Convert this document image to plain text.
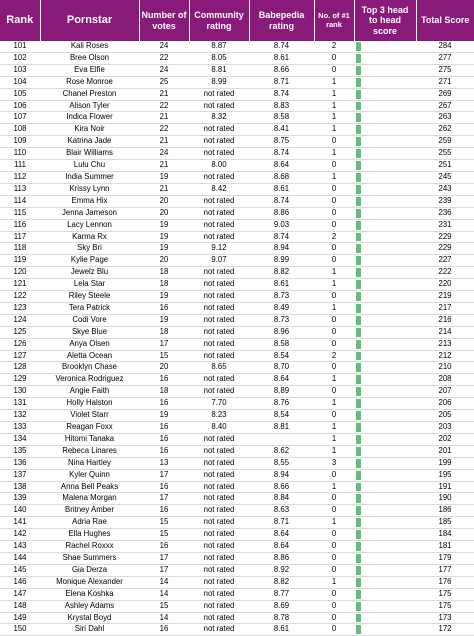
Rank	Pornstar	Number of votes	Community rating	Babepedia rating	No. of #1 rank	Top 3 head to head score	Total Score
101	Kali Roses	24	8.87	8.74	2		284
102	Bree Olson	22	8.05	8.61	0		277
103	Eva Elfie	24	8.81	8.66	0		275
104	Rose Monroe	25	8.99	8.71	1		271
105	Chanel Preston	21	not rated	8.74	1		269
106	Alison Tyler	22	not rated	8.83	1		267
107	Indica Flower	21	8.32	8.58	1		263
108	Kira Noir	22	not rated	8.41	1		262
109	Katrina Jade	21	not rated	8.75	0		259
110	Blair Williams	24	not rated	8.74	1		255
111	Lulu Chu	21	8.00	8.64	0		251
112	India Summer	19	not rated	8.68	1		245
113	Krissy Lynn	21	8.42	8.61	0		243
114	Emma Hix	20	not rated	8.74	0		239
115	Jenna Jameson	20	not rated	8.86	0		236
116	Lacy Lennon	19	not rated	9.03	0		231
117	Karma Rx	19	not rated	8.74	2		229
118	Sky Bri	19	9.12	8.94	0		229
119	Kylie Page	20	9.07	8.99	0		227
120	Jewelz Blu	18	not rated	8.82	1		222
121	Lela Star	18	not rated	8.61	1		220
122	Riley Steele	19	not rated	8.73	0		219
123	Tera Patrick	16	not rated	8.49	1		217
124	Codi Vore	19	not rated	8.73	0		216
125	Skye Blue	18	not rated	8.96	0		214
126	Anya Olsen	17	not rated	8.58	0		213
127	Aletta Ocean	15	not rated	8.54	2		212
128	Brooklyn Chase	20	8.65	8.70	0		210
129	Veronica Rodriguez	16	not rated	8.64	1		208
130	Angie Faith	18	not rated	8.89	0		207
131	Holly Halston	16	7.70	8.76	1		206
132	Violet Starr	19	8.23	8.54	0		205
133	Reagan Foxx	16	8.40	8.81	1		203
134	Hitomi Tanaka	16	not rated		1		202
135	Rebeca Linares	16	not rated	8.62	1		201
136	Nina Hartley	13	not rated	8.55	3		199
137	Kyler Quinn	17	not rated	8.94	0		195
138	Anna Bell Peaks	16	not rated	8.66	1		191
139	Malena Morgan	17	not rated	8.84	0		190
140	Britney Amber	16	not rated	8.63	0		186
141	Adria Rae	15	not rated	8.71	1		185
142	Ella Hughes	15	not rated	8.64	0		184
143	Rachel Roxxx	16	not rated	8.64	0		181
144	Shae Summers	17	not rated	8.86	0		179
145	Gia Derza	17	not rated	8.92	0		177
146	Monique Alexander	14	not rated	8.82	1		176
147	Elena Koshka	14	not rated	8.77	0		175
148	Ashley Adams	15	not rated	8.69	0		175
149	Krystal Boyd	14	not rated	8.78	0		173
150	Siri Dahl	16	not rated	8.61	0		172
